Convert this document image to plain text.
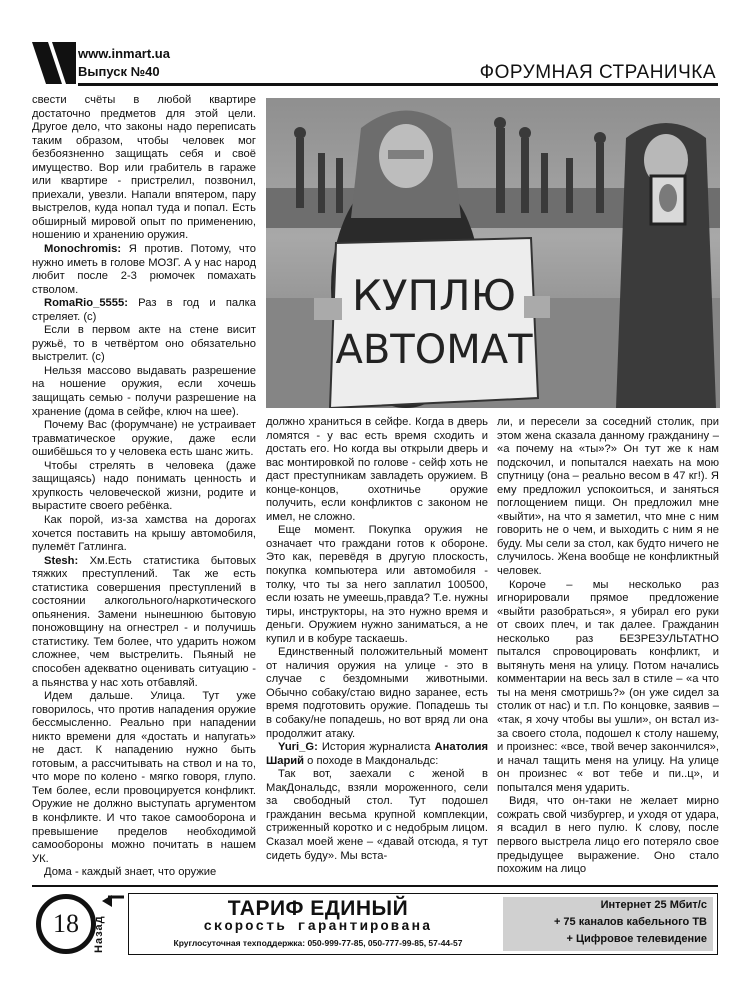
www.inmart.ua
Выпуск №40	ФОРУМНАЯ СТРАНИЧКА

свести счёты в любой квартире достаточно предметов для этой цели. Другое дело, что законы надо переписать таким образом, чтобы человек мог безбоязненно защищать себя и своё имущество. Вор или грабитель в гараже или квартире - пристрелил, позвонил, приехали, увезли. Напали впятером, пару выстрелов, куда нопал туда и попал. Есть обширный мировой опыт по применению, ношению и хранению оружия.

Monochromis: Я против. Потому, что нужно иметь в голове МОЗГ. А у нас народ любит после 2-3 рюмочек помахать стволом.

RomaRio_5555: Раз в год и палка стреляет. (c)

Если в первом акте на стене висит ружьё, то в четвёртом оно обязательно выстрелит. (c)

Нельзя массово выдавать разрешение на ношение оружия, если хочешь защищать семью - получи разрешение на хранение (дома в сейфе, ключ на шее).

Почему Вас (форумчане) не устраивает травматическое оружие, даже если ошибёшься то у человека есть шанс жить.

Чтобы стрелять в человека (даже защищаясь) надо понимать ценность и хрупкость человеческой жизни, родите и вырастите своего ребёнка.

Как порой, из-за хамства на дорогах хочется поставить на крышу автомобиля, пулемёт Гатлинга.

Stesh: Хм.Есть статистика бытовых тяжких преступлений. Так же есть статистика совершения преступлений в состоянии алкогольного/наркотического опьянения. Замени нынешнюю бытовую поножовщину на огнестрел - и получишь статистику. Тем более, что ударить ножом сложнее, чем выстрелить. Пьяный не способен адекватно оценивать ситуацию - а пьянства у нас хоть отбавляй.

Идем дальше. Улица. Тут уже говорилось, что против нападения оружие бессмысленно. Реально при нападении никто времени для «достать и напугать» не даст. К нападению нужно быть готовым, а рассчитывать на ствол и на то, что море по колено - мягко говоря, глупо. Тем более, если провоцируется конфликт. Оружие не должно выступать аргументом в конфликте. И что такое самооборона и превышение пределов необходимой самообороны можно почитать в нашем УК.

Дома - каждый знает, что оружие

КУПЛЮ
АВТОМАТ

должно храниться в сейфе. Когда в дверь ломятся - у вас есть время сходить и достать его. Но когда вы открыли дверь и вас монтировкой по голове - сейф хоть не даст преступникам завладеть оружием. В конце-концов, охотничье оружие получить, если конфликтов с законом не имел, не сложно.

Еще момент. Покупка оружия не означает что граждани готов к обороне. Это как, перевёдя в другую плоскость, покупка компьютера или автомобиля - толку, что ты за него заплатил 100500, если юзать не умеешь,правда? Т.е. нужны тиры, инструкторы, на это нужно время и деньги. Оружием нужно заниматься, а не купил и в кобуре таскаешь.

Единственный положительный момент от наличия оружия на улице - это в случае с бездомными животными. Обычно собаку/стаю видно заранее, есть время подготовить оружие. Попадешь ты в собаку/не попадешь, но вот вряд ли она продолжит атаку.

Yuri_G: История журналиста Анатолия Шарий о походе в Макдональдс:

Так вот, заехали с женой в МакДональдс, взяли мороженного, сели за свободный стол. Тут подошел гражданин весьма крупной комплекции, стриженный коротко и с недобрым лицом. Сказал моей жене – «давай отсюда, я тут сидеть буду». Мы вста-

ли, и пересели за соседний столик, при этом жена сказала данному гражданину – «а почему на «ты»?» Он тут же к нам подскочил, и попытался наехать на мою спутницу (она – реально весом в 47 кг!). Я ему предложил успокоиться, и заняться поглощением пищи. Он предложил мне «выйти», на что я заметил, что мне с ним говорить не о чем, и выходить с ним я не буду. Мы сели за стол, как будто ничего не случилось. Жена вообще не конфликтный человек.

Короче – мы несколько раз игнорировали прямое предложение «выйти разобраться», я убирал его руки от своих плеч, и так далее. Гражданин несколько раз БЕЗРЕЗУЛЬТАТНО пытался спровоцировать конфликт, и вытянуть меня на улицу. Потом начались комментарии на весь зал в стиле – «а что ты на меня смотришь?» (он уже сидел за столик от нас) и т.п. По концовке, заявив – «так, я хочу чтобы вы ушли», он встал из-за своего стола, подошел к столу нашему, и произнес: «все, твой вечер закончился», и начал тащить меня на улицу. На улице он произнес « вот тебе и пи..ц», и попытался меня ударить.

Видя, что он-таки не желает мирно сожрать свой чизбургер, и уходя от удара, я всадил в него пулю. К слову, после первого выстрела лицо его потеряло свое предыдущее выражение. Оно стало похожим на лицо

18	Назад
ТАРИФ ЕДИНЫЙ
скорость гарантирована
Круглосуточная техподдержка: 050-999-77-85, 050-777-99-85, 57-44-57
Интернет 25 Мбит/с
+ 75 каналов кабельного ТВ
+ Цифровое телевидение
